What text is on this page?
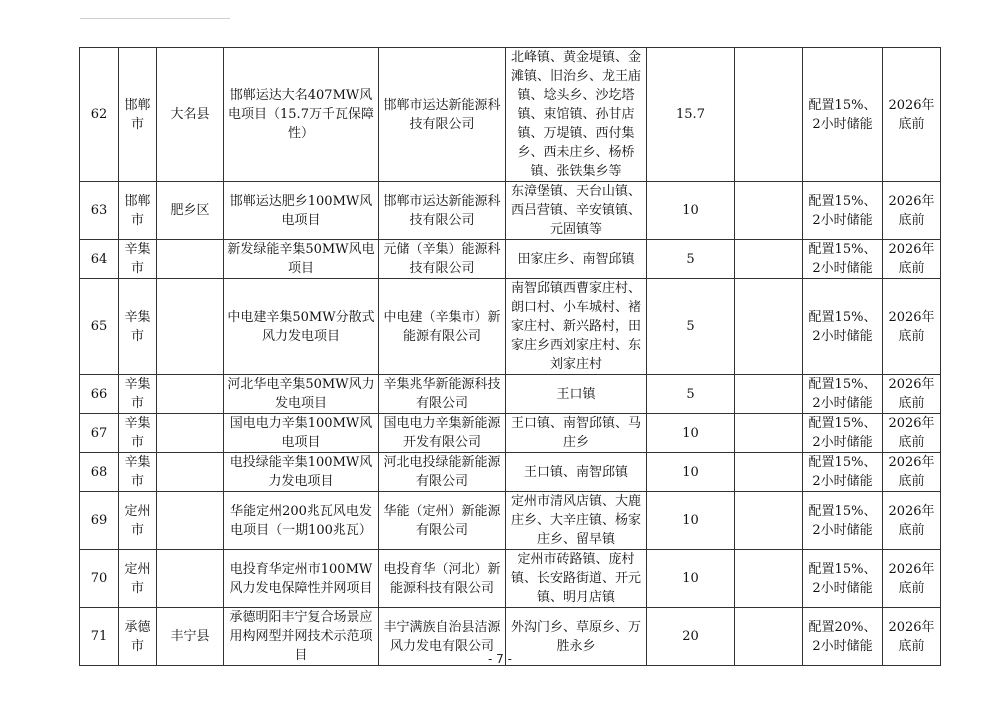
62	邯郸市	大名县	邯郸运达大名407MW风电项目（15.7万千瓦保障性）	邯郸市运达新能源科技有限公司	北峰镇、黄金堤镇、金滩镇、旧治乡、龙王庙镇、埝头乡、沙圪塔镇、束馆镇、孙甘店镇、万堤镇、西付集乡、西未庄乡、杨桥镇、张铁集乡等	15.7		配置15%、2小时储能	2026年底前
63	邯郸市	肥乡区	邯郸运达肥乡100MW风电项目	邯郸市运达新能源科技有限公司	东漳堡镇、天台山镇、西吕营镇、辛安镇镇、元固镇等	10		配置15%、2小时储能	2026年底前
64	辛集市		新发绿能辛集50MW风电项目	元储（辛集）能源科技有限公司	田家庄乡、南智邱镇	5		配置15%、2小时储能	2026年底前
65	辛集市		中电建辛集50MW分散式风力发电项目	中电建（辛集市）新能源有限公司	南智邱镇西曹家庄村、朗口村、小车城村、褚家庄村、新兴路村，田家庄乡西刘家庄村、东刘家庄村	5		配置15%、2小时储能	2026年底前
66	辛集市		河北华电辛集50MW风力发电项目	辛集兆华新能源科技有限公司	王口镇	5		配置15%、2小时储能	2026年底前
67	辛集市		国电电力辛集100MW风电项目	国电电力辛集新能源开发有限公司	王口镇、南智邱镇、马庄乡	10		配置15%、2小时储能	2026年底前
68	辛集市		电投绿能辛集100MW风力发电项目	河北电投绿能新能源有限公司	王口镇、南智邱镇	10		配置15%、2小时储能	2026年底前
69	定州市		华能定州200兆瓦风电发电项目（一期100兆瓦）	华能（定州）新能源有限公司	定州市清风店镇、大鹿庄乡、大辛庄镇、杨家庄乡、留早镇	10		配置15%、2小时储能	2026年底前
70	定州市		电投育华定州市100MW风力发电保障性并网项目	电投育华（河北）新能源科技有限公司	定州市砖路镇、庞村镇、长安路街道、开元镇、明月店镇	10		配置15%、2小时储能	2026年底前
71	承德市	丰宁县	承德明阳丰宁复合场景应用构网型并网技术示范项目	丰宁满族自治县洁源风力发电有限公司	外沟门乡、草原乡、万胜永乡	20		配置20%、2小时储能	2026年底前
- 7 -
